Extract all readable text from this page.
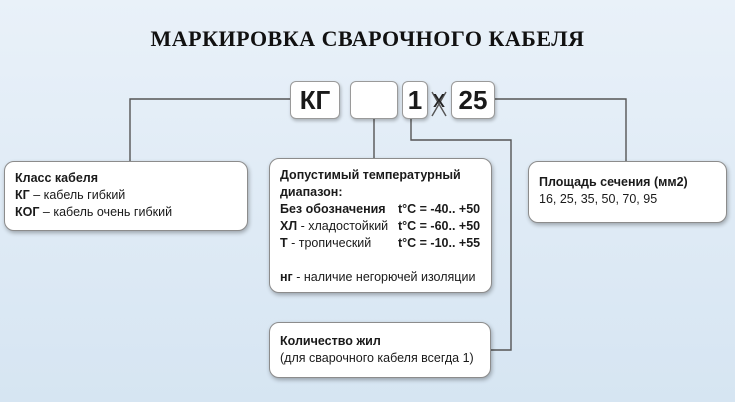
МАРКИРОВКА СВАРОЧНОГО КАБЕЛЯ
КГ	1 x 25
Класс кабеля
КГ – кабель гибкий
КОГ – кабель очень гибкий
Допустимый температурный диапазон:
Без обозначения t°C = -40.. +50
ХЛ - хладостойкий t°C = -60.. +50
Т - тропический t°C = -10.. +55
нг - наличие негорючей изоляции
Площадь сечения (мм2)
16, 25, 35, 50, 70, 95
Количество жил
(для сварочного кабеля всегда 1)
